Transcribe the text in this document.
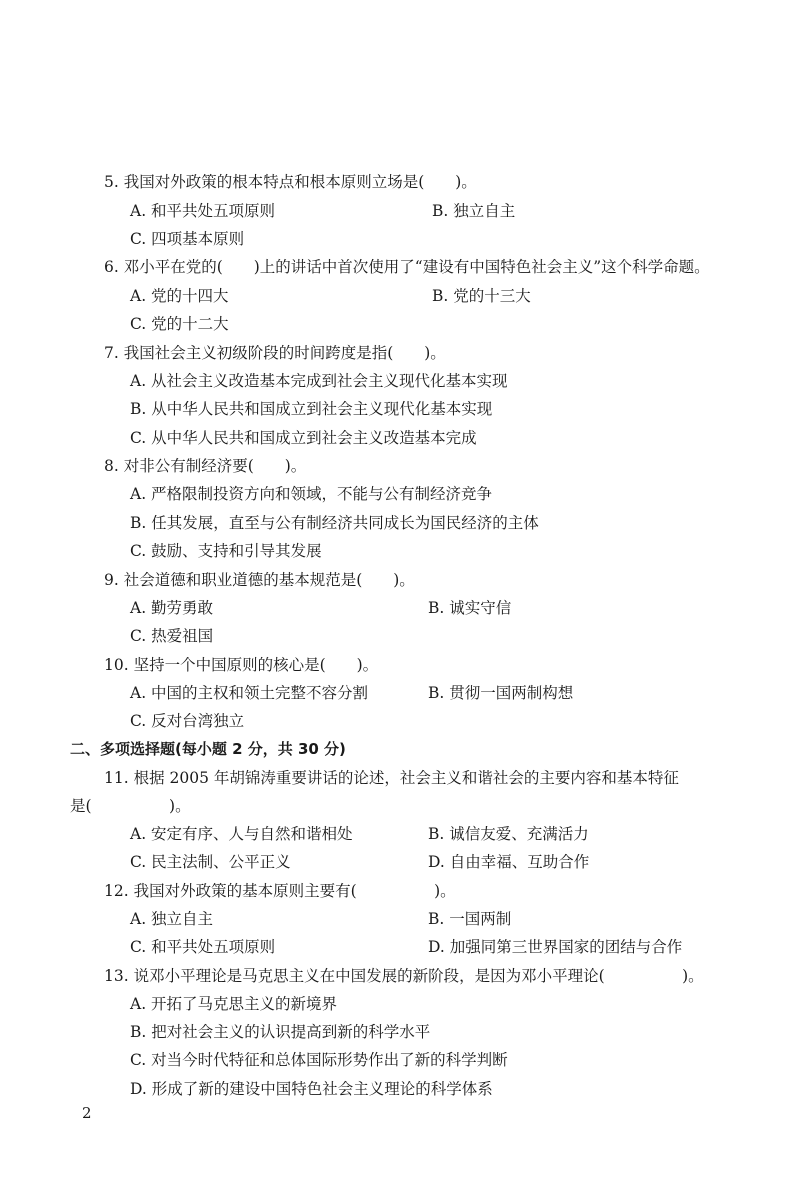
5. 我国对外政策的根本特点和根本原则立场是(　　)。
A. 和平共处五项原则	B. 独立自主
C. 四项基本原则
6. 邓小平在党的(　　)上的讲话中首次使用了“建设有中国特色社会主义”这个科学命题。
A. 党的十四大	B. 党的十三大
C. 党的十二大
7. 我国社会主义初级阶段的时间跨度是指(　　)。
A. 从社会主义改造基本完成到社会主义现代化基本实现
B. 从中华人民共和国成立到社会主义现代化基本实现
C. 从中华人民共和国成立到社会主义改造基本完成
8. 对非公有制经济要(　　)。
A. 严格限制投资方向和领域，不能与公有制经济竞争
B. 任其发展，直至与公有制经济共同成长为国民经济的主体
C. 鼓励、支持和引导其发展
9. 社会道德和职业道德的基本规范是(　　)。
A. 勤劳勇敢	B. 诚实守信
C. 热爱祖国
10. 坚持一个中国原则的核心是(　　)。
A. 中国的主权和领土完整不容分割	B. 贯彻一国两制构想
C. 反对台湾独立
二、多项选择题(每小题 2 分，共 30 分)
11. 根据 2005 年胡锦涛重要讲话的论述，社会主义和谐社会的主要内容和基本特征
是(　　　　　)。
A. 安定有序、人与自然和谐相处	B. 诚信友爱、充满活力
C. 民主法制、公平正义	D. 自由幸福、互助合作
12. 我国对外政策的基本原则主要有(　　　　　)。
A. 独立自主	B. 一国两制
C. 和平共处五项原则	D. 加强同第三世界国家的团结与合作
13. 说邓小平理论是马克思主义在中国发展的新阶段，是因为邓小平理论(　　　　　)。
A. 开拓了马克思主义的新境界
B. 把对社会主义的认识提高到新的科学水平
C. 对当今时代特征和总体国际形势作出了新的科学判断
D. 形成了新的建设中国特色社会主义理论的科学体系
2
